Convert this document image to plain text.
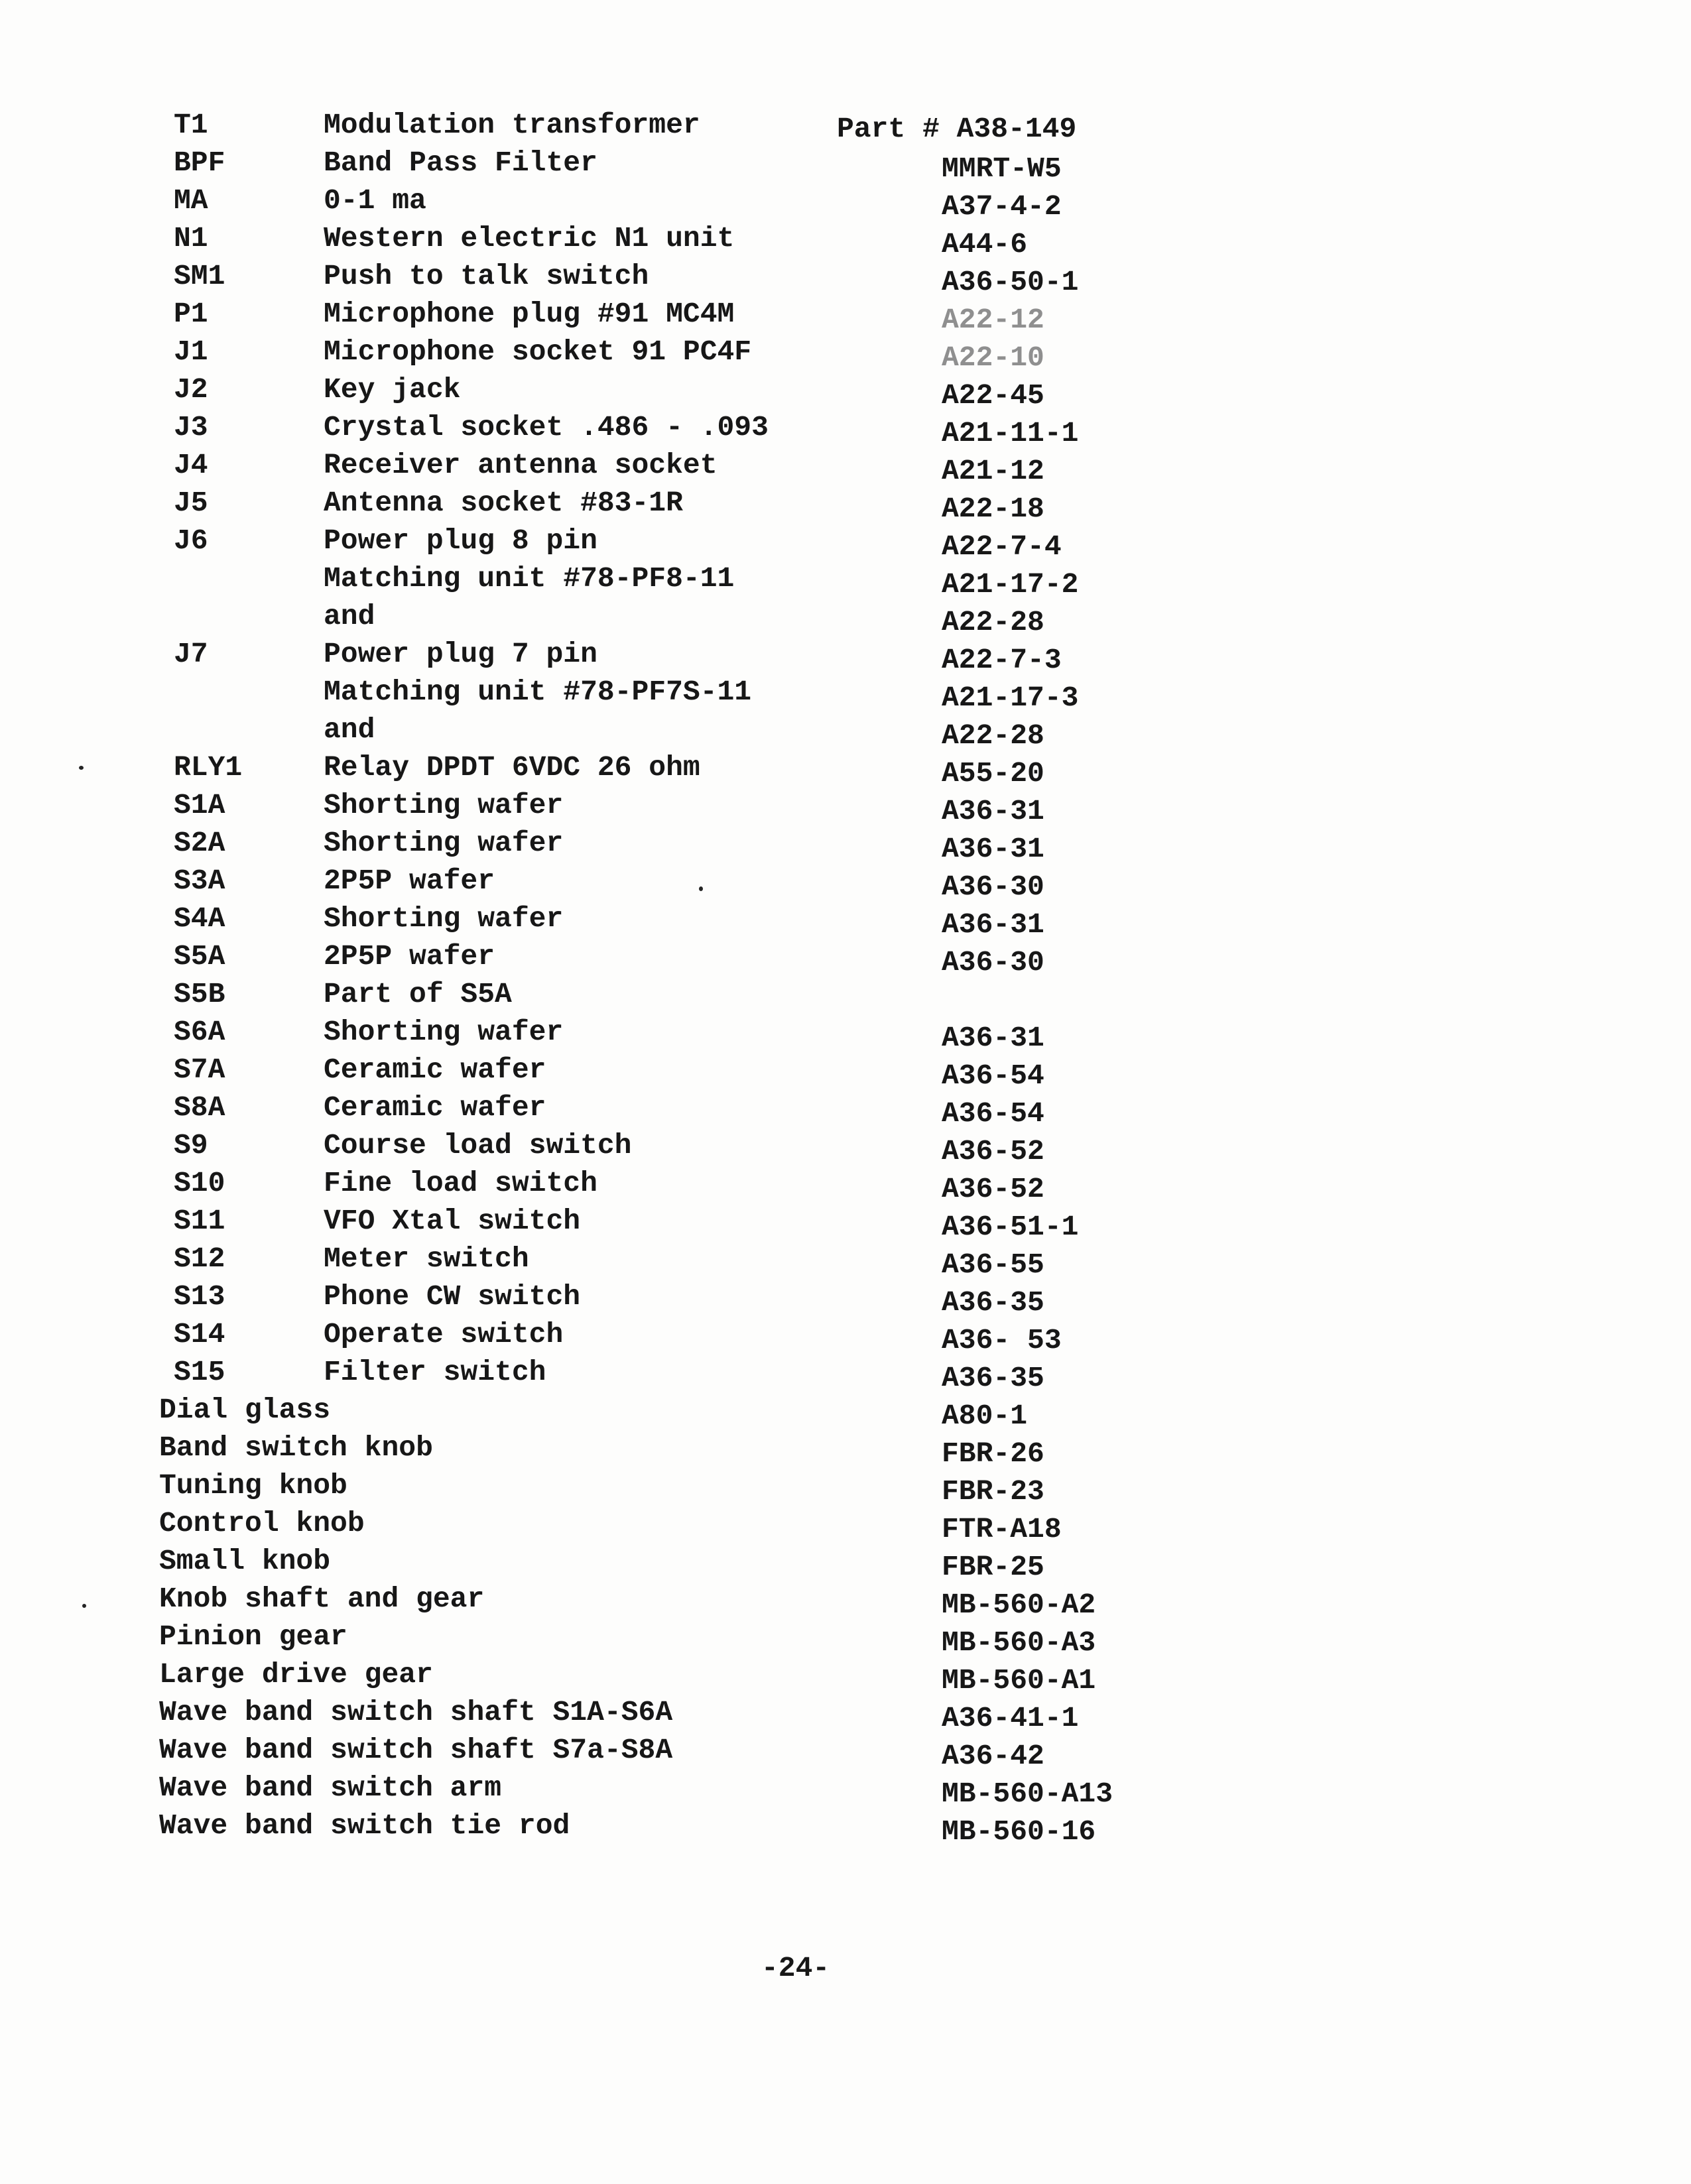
T1	Modulation transformer	Part # A38-149
BPF	Band Pass Filter	MMRT-W5
MA	0-1 ma	A37-4-2
N1	Western electric N1 unit	A44-6
SM1	Push to talk switch	A36-50-1
P1	Microphone plug #91 MC4M	A22-12
J1	Microphone socket 91 PC4F	A22-10
J2	Key jack	A22-45
J3	Crystal socket .486 - .093	A21-11-1
J4	Receiver antenna socket	A21-12
J5	Antenna socket #83-1R	A22-18
J6	Power plug 8 pin	A22-7-4
Matching unit #78-PF8-11	A21-17-2
and	A22-28
J7	Power plug 7 pin	A22-7-3
Matching unit #78-PF7S-11	A21-17-3
and	A22-28
RLY1	Relay DPDT 6VDC 26 ohm	A55-20
S1A	Shorting wafer	A36-31
S2A	Shorting wafer	A36-31
S3A	2P5P wafer	A36-30
S4A	Shorting wafer	A36-31
S5A	2P5P wafer	A36-30
S5B	Part of S5A
S6A	Shorting wafer	A36-31
S7A	Ceramic wafer	A36-54
S8A	Ceramic wafer	A36-54
S9	Course load switch	A36-52
S10	Fine load switch	A36-52
S11	VFO Xtal switch	A36-51-1
S12	Meter switch	A36-55
S13	Phone CW switch	A36-35
S14	Operate switch	A36- 53
S15	Filter switch	A36-35
Dial glass	A80-1
Band switch knob	FBR-26
Tuning knob	FBR-23
Control knob	FTR-A18
Small knob	FBR-25
Knob shaft and gear	MB-560-A2
Pinion gear	MB-560-A3
Large drive gear	MB-560-A1
Wave band switch shaft S1A-S6A	A36-41-1
Wave band switch shaft S7a-S8A	A36-42
Wave band switch arm	MB-560-A13
Wave band switch tie rod	MB-560-16
-24-
